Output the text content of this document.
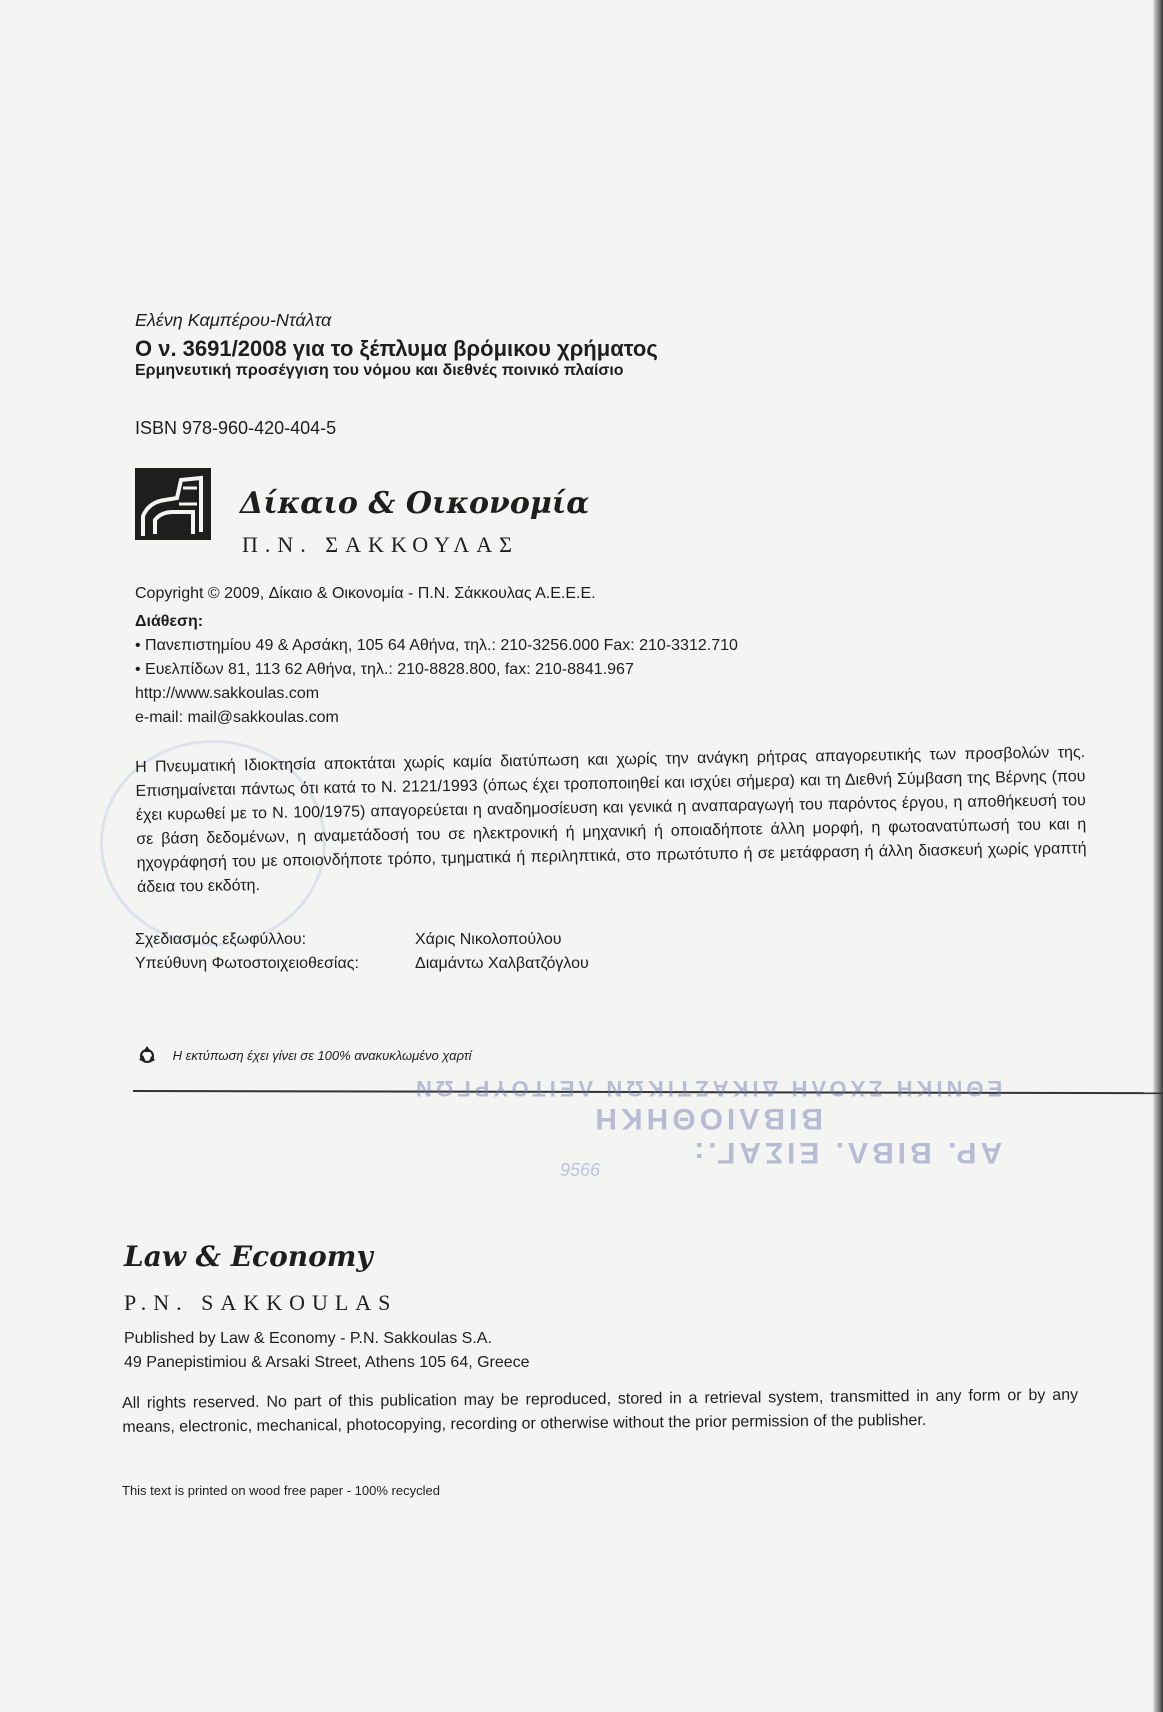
Ελένη Καμπέρου-Ντάλτα
Ο ν. 3691/2008 για το ξέπλυμα βρόμικου χρήματος
Ερμηνευτική προσέγγιση του νόμου και διεθνές ποινικό πλαίσιο
ISBN 978-960-420-404-5
Δίκαιο & Οικονομία
Π.Ν. ΣΑΚΚΟΥΛΑΣ
Copyright © 2009, Δίκαιο & Οικονομία - Π.Ν. Σάκκουλας Α.Ε.Ε.Ε.
Διάθεση:
• Πανεπιστημίου 49 & Αρσάκη, 105 64 Αθήνα, τηλ.: 210-3256.000 Fax: 210-3312.710
• Ευελπίδων 81, 113 62 Αθήνα, τηλ.: 210-8828.800, fax: 210-8841.967
http://www.sakkoulas.com
e-mail: mail@sakkoulas.com
Η Πνευματική Ιδιοκτησία αποκτάται χωρίς καμία διατύπωση και χωρίς την ανάγκη ρήτρας απαγορευτικής των προσβολών της. Επισημαίνεται πάντως ότι κατά το Ν. 2121/1993 (όπως έχει τροποποιηθεί και ισχύει σήμερα) και τη Διεθνή Σύμβαση της Βέρνης (που έχει κυρωθεί με το Ν. 100/1975) απαγορεύεται η αναδημοσίευση και γενικά η αναπαραγωγή του παρόντος έργου, η αποθήκευσή του σε βάση δεδομένων, η αναμετάδοσή του σε ηλεκτρονική ή μηχανική ή οποιαδήποτε άλλη μορφή, η φωτοανατύπωσή του και η ηχογράφησή του με οποιονδήποτε τρόπο, τμηματικά ή περιληπτικά, στο πρωτότυπο ή σε μετάφραση ή άλλη διασκευή χωρίς γραπτή άδεια του εκδότη.
Σχεδιασμός εξωφύλλου:	Χάρις Νικολοπούλου
Υπεύθυνη Φωτοστοιχειοθεσίας:	Διαμάντω Χαλβατζόγλου
Η εκτύπωση έχει γίνει σε 100% ανακυκλωμένο χαρτί
ΑΡ. ΒΙΒΛ. ΕΙΣΑΓ.:
ΒΙΒΛΙΟΘΗΚΗ
ΕΘΝΙΚΗ ΣΧΟΛΗ ΔΙΚΑΣΤΙΚΩΝ ΛΕΙΤΟΥΡΓΩΝ
9566
Law & Economy
P.N. SAKKOULAS
Published by Law & Economy - P.N. Sakkoulas S.A.
49 Panepistimiou & Arsaki Street, Athens 105 64, Greece
All rights reserved. No part of this publication may be reproduced, stored in a retrieval system, transmitted in any form or by any means, electronic, mechanical, photocopying, recording or otherwise without the prior permission of the publisher.
This text is printed on wood free paper - 100% recycled
